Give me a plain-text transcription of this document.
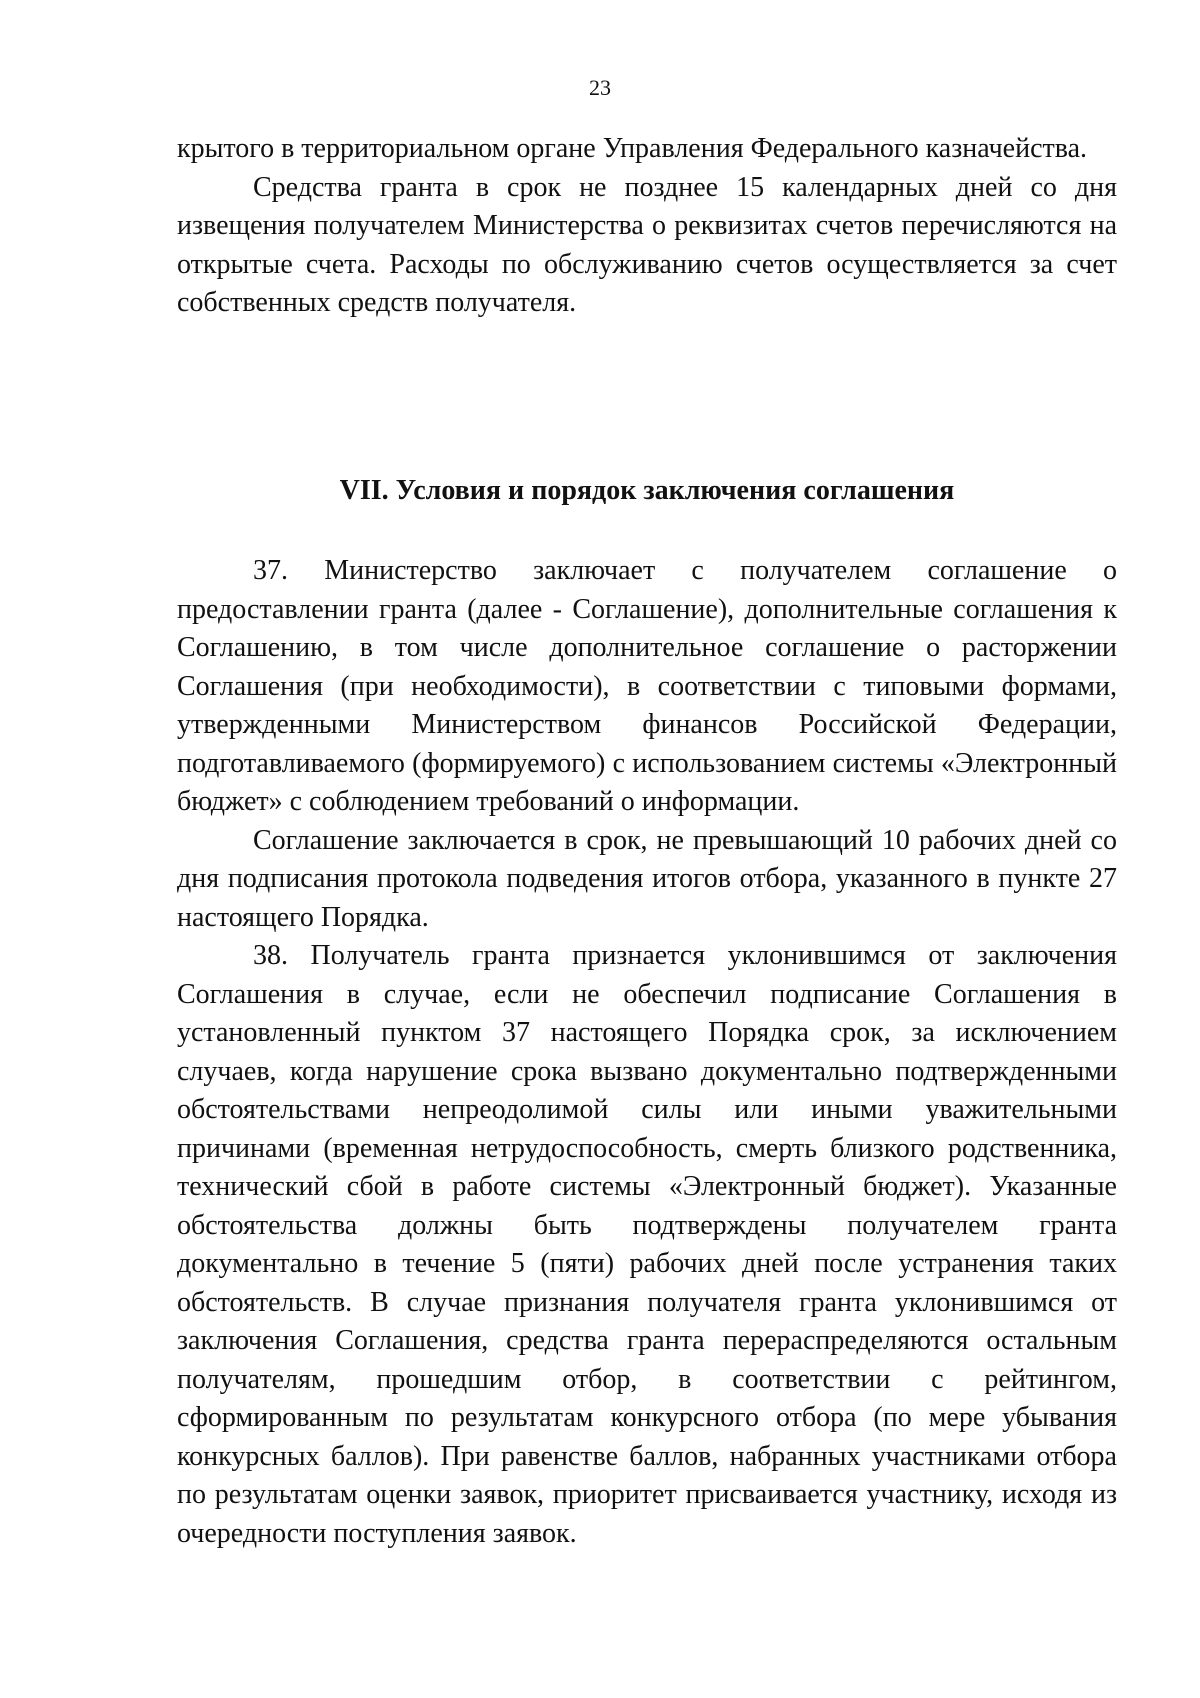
23

крытого в территориальном органе Управления Федерального казначейства.

Средства гранта в срок не позднее 15 календарных дней со дня извещения получателем Министерства о реквизитах счетов перечисляются на открытые счета. Расходы по обслуживанию счетов осуществляется за счет собственных средств получателя.

VII. Условия и порядок заключения соглашения

37. Министерство заключает с получателем соглашение о предоставлении гранта (далее - Соглашение), дополнительные соглашения к Соглашению, в том числе дополнительное соглашение о расторжении Соглашения (при необходимости), в соответствии с типовыми формами, утвержденными Министерством финансов Российской Федерации, подготавливаемого (формируемого) с использованием системы «Электронный бюджет» с соблюдением требований о информации.

Соглашение заключается в срок, не превышающий 10 рабочих дней со дня подписания протокола подведения итогов отбора, указанного в пункте 27 настоящего Порядка.

38. Получатель гранта признается уклонившимся от заключения Соглашения в случае, если не обеспечил подписание Соглашения в установленный пунктом 37 настоящего Порядка срок, за исключением случаев, когда нарушение срока вызвано документально подтвержденными обстоятельствами непреодолимой силы или иными уважительными причинами (временная нетрудоспособность, смерть близкого родственника, технический сбой в работе системы «Электронный бюджет). Указанные обстоятельства должны быть подтверждены получателем гранта документально в течение 5 (пяти) рабочих дней после устранения таких обстоятельств. В случае признания получателя гранта уклонившимся от заключения Соглашения, средства гранта перераспределяются остальным получателям, прошедшим отбор, в соответствии с рейтингом, сформированным по результатам конкурсного отбора (по мере убывания конкурсных баллов). При равенстве баллов, набранных участниками отбора по результатам оценки заявок, приоритет присваивается участнику, исходя из очередности поступления заявок.
